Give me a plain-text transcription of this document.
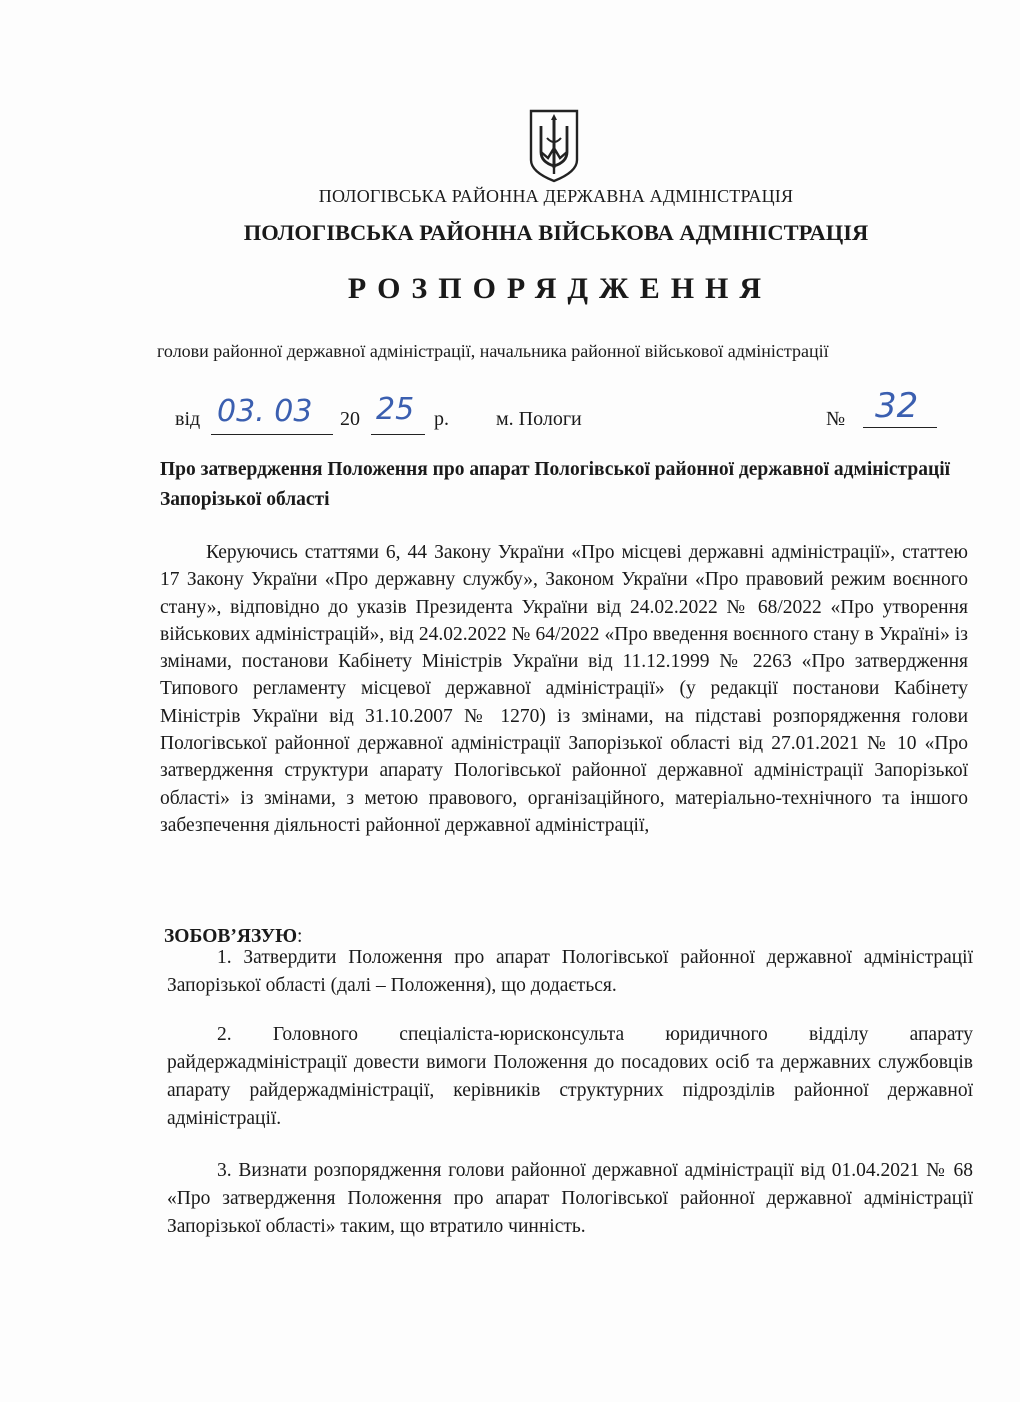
ПОЛОГІВСЬКА РАЙОННА ДЕРЖАВНА АДМІНІСТРАЦІЯ
ПОЛОГІВСЬКА РАЙОННА ВІЙСЬКОВА АДМІНІСТРАЦІЯ
РОЗПОРЯДЖЕННЯ
голови районної державної адміністрації, начальника районної військової адміністрації
від 03. 03 20 25 р. м. Пологи	№ 32
Про затвердження Положення про апарат Пологівської районної державної адміністрації Запорізької області

Керуючись статтями 6, 44 Закону України «Про місцеві державні адміністрації», статтею 17 Закону України «Про державну службу», Законом України «Про правовий режим воєнного стану», відповідно до указів Президента України від 24.02.2022 № 68/2022 «Про утворення військових адміністрацій», від 24.02.2022 № 64/2022 «Про введення воєнного стану в Україні» із змінами, постанови Кабінету Міністрів України від 11.12.1999 № 2263 «Про затвердження Типового регламенту місцевої державної адміністрації» (у редакції постанови Кабінету Міністрів України від 31.10.2007 № 1270) із змінами, на підставі розпорядження голови Пологівської районної державної адміністрації Запорізької області від 27.01.2021 № 10 «Про затвердження структури апарату Пологівської районної державної адміністрації Запорізької області» із змінами, з метою правового, організаційного, матеріально-технічного та іншого забезпечення діяльності районної державної адміністрації,

ЗОБОВ’ЯЗУЮ:

1. Затвердити Положення про апарат Пологівської районної державної адміністрації Запорізької області (далі – Положення), що додається.

2. Головного спеціаліста-юрисконсульта юридичного відділу апарату райдержадміністрації довести вимоги Положення до посадових осіб та державних службовців апарату райдержадміністрації, керівників структурних підрозділів районної державної адміністрації.

3. Визнати розпорядження голови районної державної адміністрації від 01.04.2021 № 68 «Про затвердження Положення про апарат Пологівської районної державної адміністрації Запорізької області» таким, що втратило чинність.
